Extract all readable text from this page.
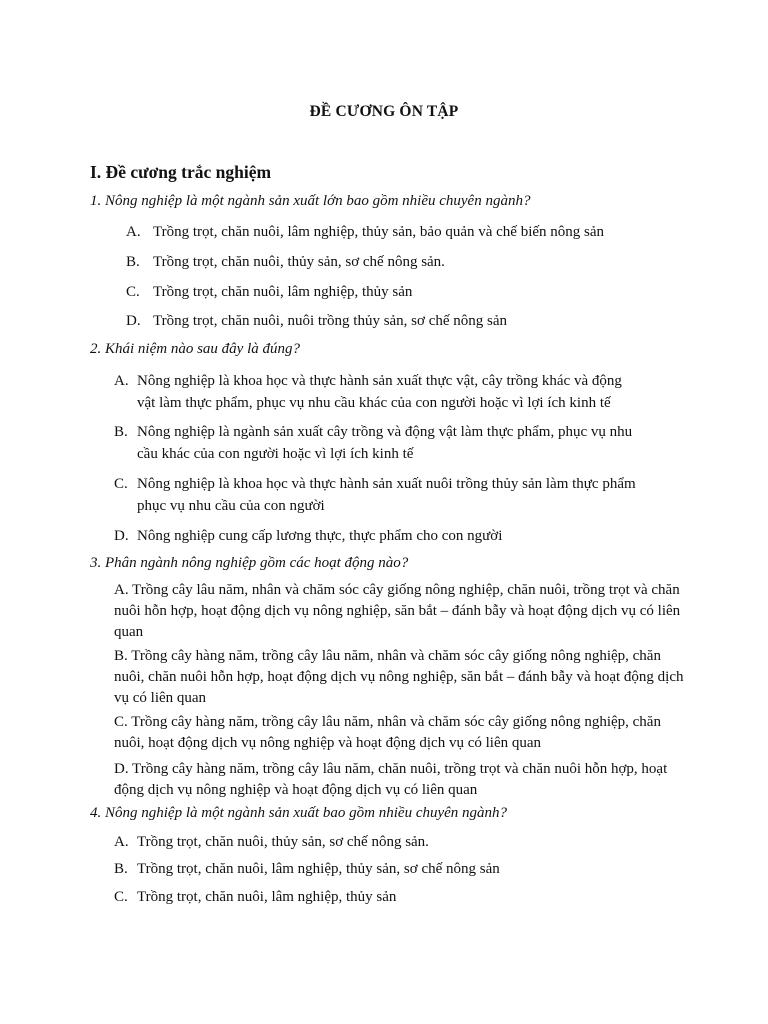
ĐỀ CƯƠNG ÔN TẬP
I. Đề cương trắc nghiệm
1. Nông nghiệp là một ngành sản xuất lớn bao gồm nhiều chuyên ngành?
A. Trồng trọt, chăn nuôi, lâm nghiệp, thủy sản, bảo quản và chế biến nông sản
B. Trồng trọt, chăn nuôi, thủy sản, sơ chế nông sản.
C. Trồng trọt, chăn nuôi, lâm nghiệp, thủy sản
D. Trồng trọt, chăn nuôi, nuôi trồng thủy sản, sơ chế nông sản
2. Khái niệm nào sau đây là đúng?
A. Nông nghiệp là khoa học và thực hành sản xuất thực vật, cây trồng khác và động
vật làm thực phẩm, phục vụ nhu cầu khác của con người hoặc vì lợi ích kinh tế
B. Nông nghiệp là ngành sản xuất cây trồng và động vật làm thực phẩm, phục vụ nhu
cầu khác của con người hoặc vì lợi ích kinh tế
C. Nông nghiệp là khoa học và thực hành sản xuất nuôi trồng thủy sản làm thực phẩm
phục vụ nhu cầu của con người
D. Nông nghiệp cung cấp lương thực, thực phẩm cho con người
3. Phân ngành nông nghiệp gồm các hoạt động nào?
A. Trồng cây lâu năm, nhân và chăm sóc cây giống nông nghiệp, chăn nuôi, trồng trọt và chăn nuôi hỗn hợp, hoạt động dịch vụ nông nghiệp, săn bắt – đánh bẫy và hoạt động dịch vụ có liên quan
B. Trồng cây hàng năm, trồng cây lâu năm, nhân và chăm sóc cây giống nông nghiệp, chăn nuôi, chăn nuôi hỗn hợp, hoạt động dịch vụ nông nghiệp, săn bắt – đánh bẫy và hoạt động dịch vụ có liên quan
C. Trồng cây hàng năm, trồng cây lâu năm, nhân và chăm sóc cây giống nông nghiệp, chăn nuôi, hoạt động dịch vụ nông nghiệp và hoạt động dịch vụ có liên quan
D. Trồng cây hàng năm, trồng cây lâu năm, chăn nuôi, trồng trọt và chăn nuôi hỗn hợp, hoạt động dịch vụ nông nghiệp và hoạt động dịch vụ có liên quan
4. Nông nghiệp là một ngành sản xuất bao gồm nhiều chuyên ngành?
A. Trồng trọt, chăn nuôi, thủy sản, sơ chế nông sản.
B. Trồng trọt, chăn nuôi, lâm nghiệp, thủy sản, sơ chế nông sản
C. Trồng trọt, chăn nuôi, lâm nghiệp, thủy sản
